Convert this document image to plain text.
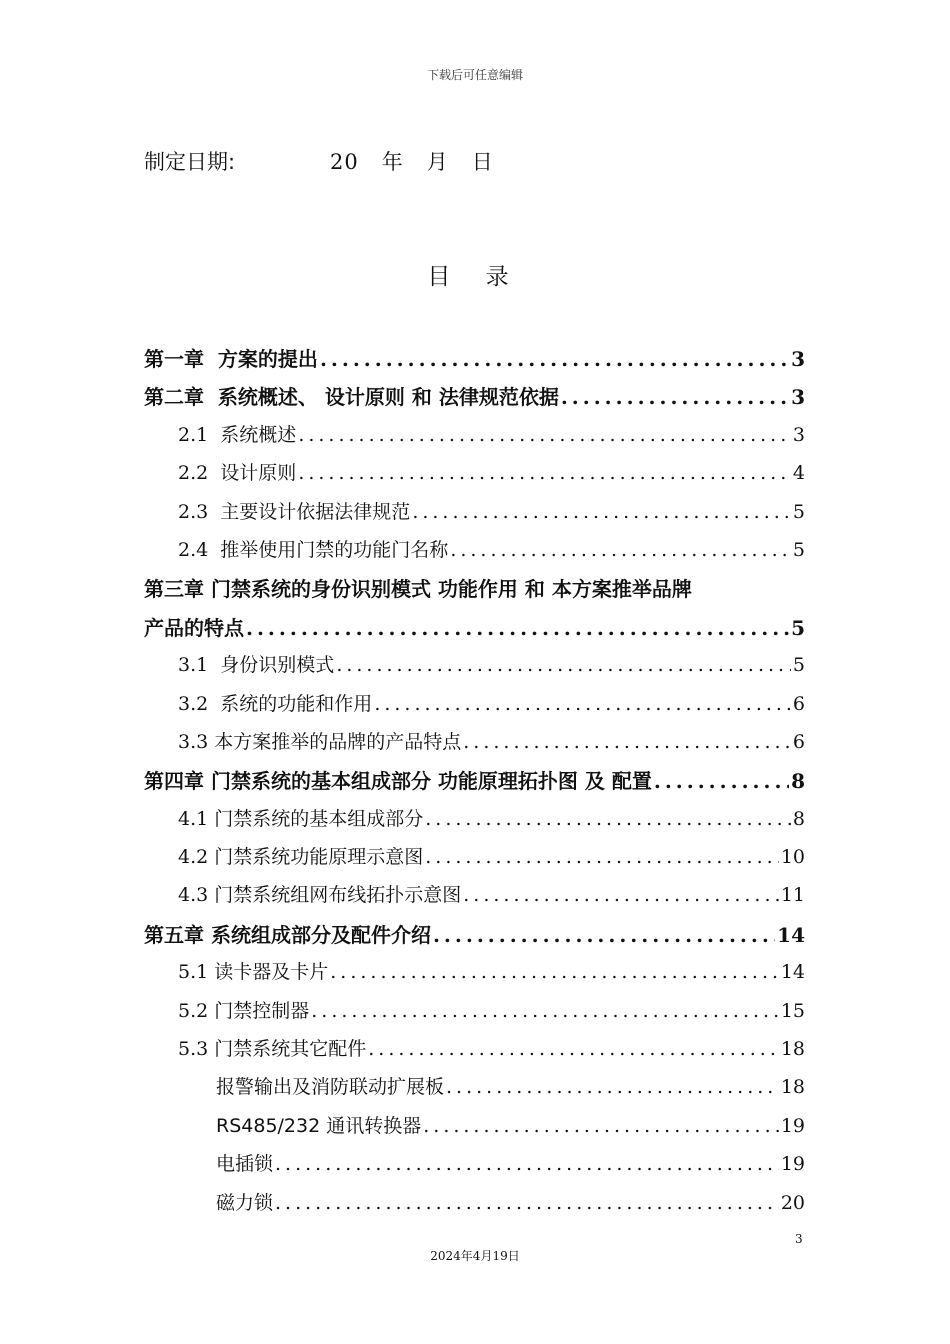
下载后可任意编辑
制定日期:	20   年   月   日
目 录
第一章  方案的提出 .....	3
第二章  系统概述、 设计原则 和 法律规范依据 .....	3
2.1  系统概述 .....	3
2.2  设计原则 .....	4
2.3  主要设计依据法律规范 .....	5
2.4  推举使用门禁的功能门名称 .....	5
第三章 门禁系统的身份识别模式 功能作用 和 本方案推举品牌
产品的特点 .....	5
3.1  身份识别模式 .....	5
3.2  系统的功能和作用 .....	6
3.3 本方案推举的品牌的产品特点 .....	6
第四章 门禁系统的基本组成部分 功能原理拓扑图 及 配置 .....	8
4.1 门禁系统的基本组成部分 .....	8
4.2 门禁系统功能原理示意图 .....	10
4.3 门禁系统组网布线拓扑示意图 .....	11
第五章 系统组成部分及配件介绍 .....	14
5.1 读卡器及卡片 .....	14
5.2 门禁控制器 .....	15
5.3 门禁系统其它配件 .....	18
报警输出及消防联动扩展板 .....	18
RS485/232 通讯转换器 .....	19
电插锁 .....	19
磁力锁 .....	20
3
2024年4月19日
